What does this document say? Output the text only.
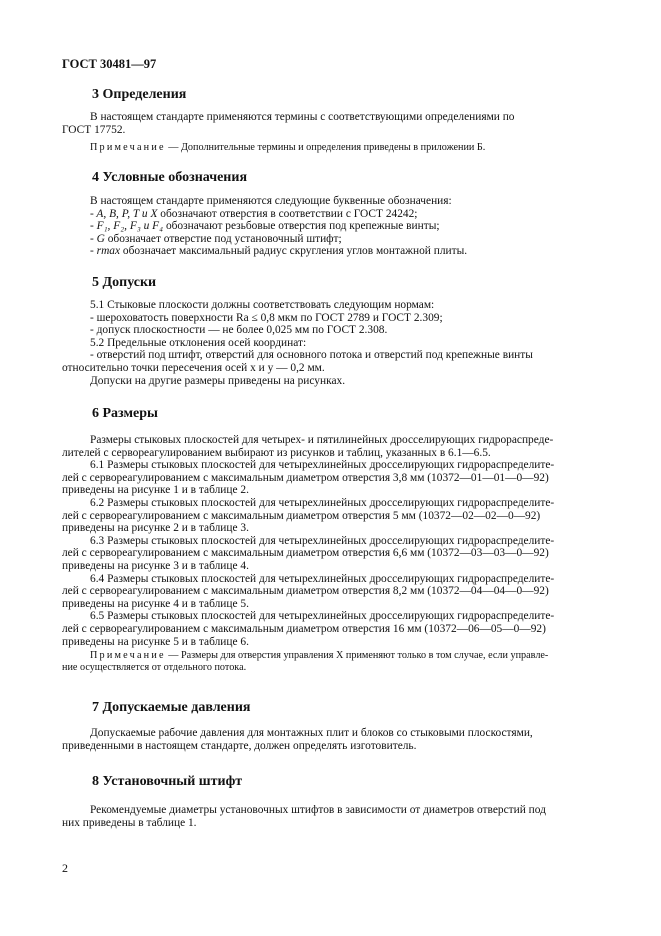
ГОСТ 30481—97
3 Определения

В настоящем стандарте применяются термины с соответствующими определениями по

ГОСТ 17752.

Примечание — Дополнительные термины и определения приведены в приложении Б.

4 Условные обозначения

В настоящем стандарте применяются следующие буквенные обозначения:

- A, B, P, T и X обозначают отверстия в соответствии с ГОСТ 24242;

- F₁, F₂, F₃ и F₄ обозначают резьбовые отверстия под крепежные винты;

- G обозначает отверстие под установочный штифт;

- rmax обозначает максимальный радиус скругления углов монтажной плиты.

5 Допуски

5.1 Стыковые плоскости должны соответствовать следующим нормам:

- шероховатость поверхности Ra ≤ 0,8 мкм по ГОСТ 2789 и ГОСТ 2.309;

- допуск плоскостности — не более 0,025 мм по ГОСТ 2.308.

5.2 Предельные отклонения осей координат:

- отверстий под штифт, отверстий для основного потока и отверстий под крепежные винты

относительно точки пересечения осей x и y — 0,2 мм.

Допуски на другие размеры приведены на рисунках.

6 Размеры

Размеры стыковых плоскостей для четырех- и пятилинейных дросселирующих гидрораспреде-

лителей с сервореагулированием выбирают из рисунков и таблиц, указанных в 6.1—6.5.

6.1 Размеры стыковых плоскостей для четырехлинейных дросселирующих гидрораспределите-

лей с сервореагулированием с максимальным диаметром отверстия 3,8 мм (10372—01—01—0—92)

приведены на рисунке 1 и в таблице 2.

6.2 Размеры стыковых плоскостей для четырехлинейных дросселирующих гидрораспределите-

лей с сервореагулированием с максимальным диаметром отверстия 5 мм (10372—02—02—0—92)

приведены на рисунке 2 и в таблице 3.

6.3 Размеры стыковых плоскостей для четырехлинейных дросселирующих гидрораспределите-

лей с сервореагулированием с максимальным диаметром отверстия 6,6 мм (10372—03—03—0—92)

приведены на рисунке 3 и в таблице 4.

6.4 Размеры стыковых плоскостей для четырехлинейных дросселирующих гидрораспределите-

лей с сервореагулированием с максимальным диаметром отверстия 8,2 мм (10372—04—04—0—92)

приведены на рисунке 4 и в таблице 5.

6.5 Размеры стыковых плоскостей для четырехлинейных дросселирующих гидрораспределите-

лей с сервореагулированием с максимальным диаметром отверстия 16 мм (10372—06—05—0—92)

приведены на рисунке 5 и в таблице 6.

Примечание — Размеры для отверстия управления X применяют только в том случае, если управле-

ние осуществляется от отдельного потока.

7 Допускаемые давления

Допускаемые рабочие давления для монтажных плит и блоков со стыковыми плоскостями,

приведенными в настоящем стандарте, должен определять изготовитель.

8 Установочный штифт

Рекомендуемые диаметры установочных штифтов в зависимости от диаметров отверстий под

них приведены в таблице 1.

2
